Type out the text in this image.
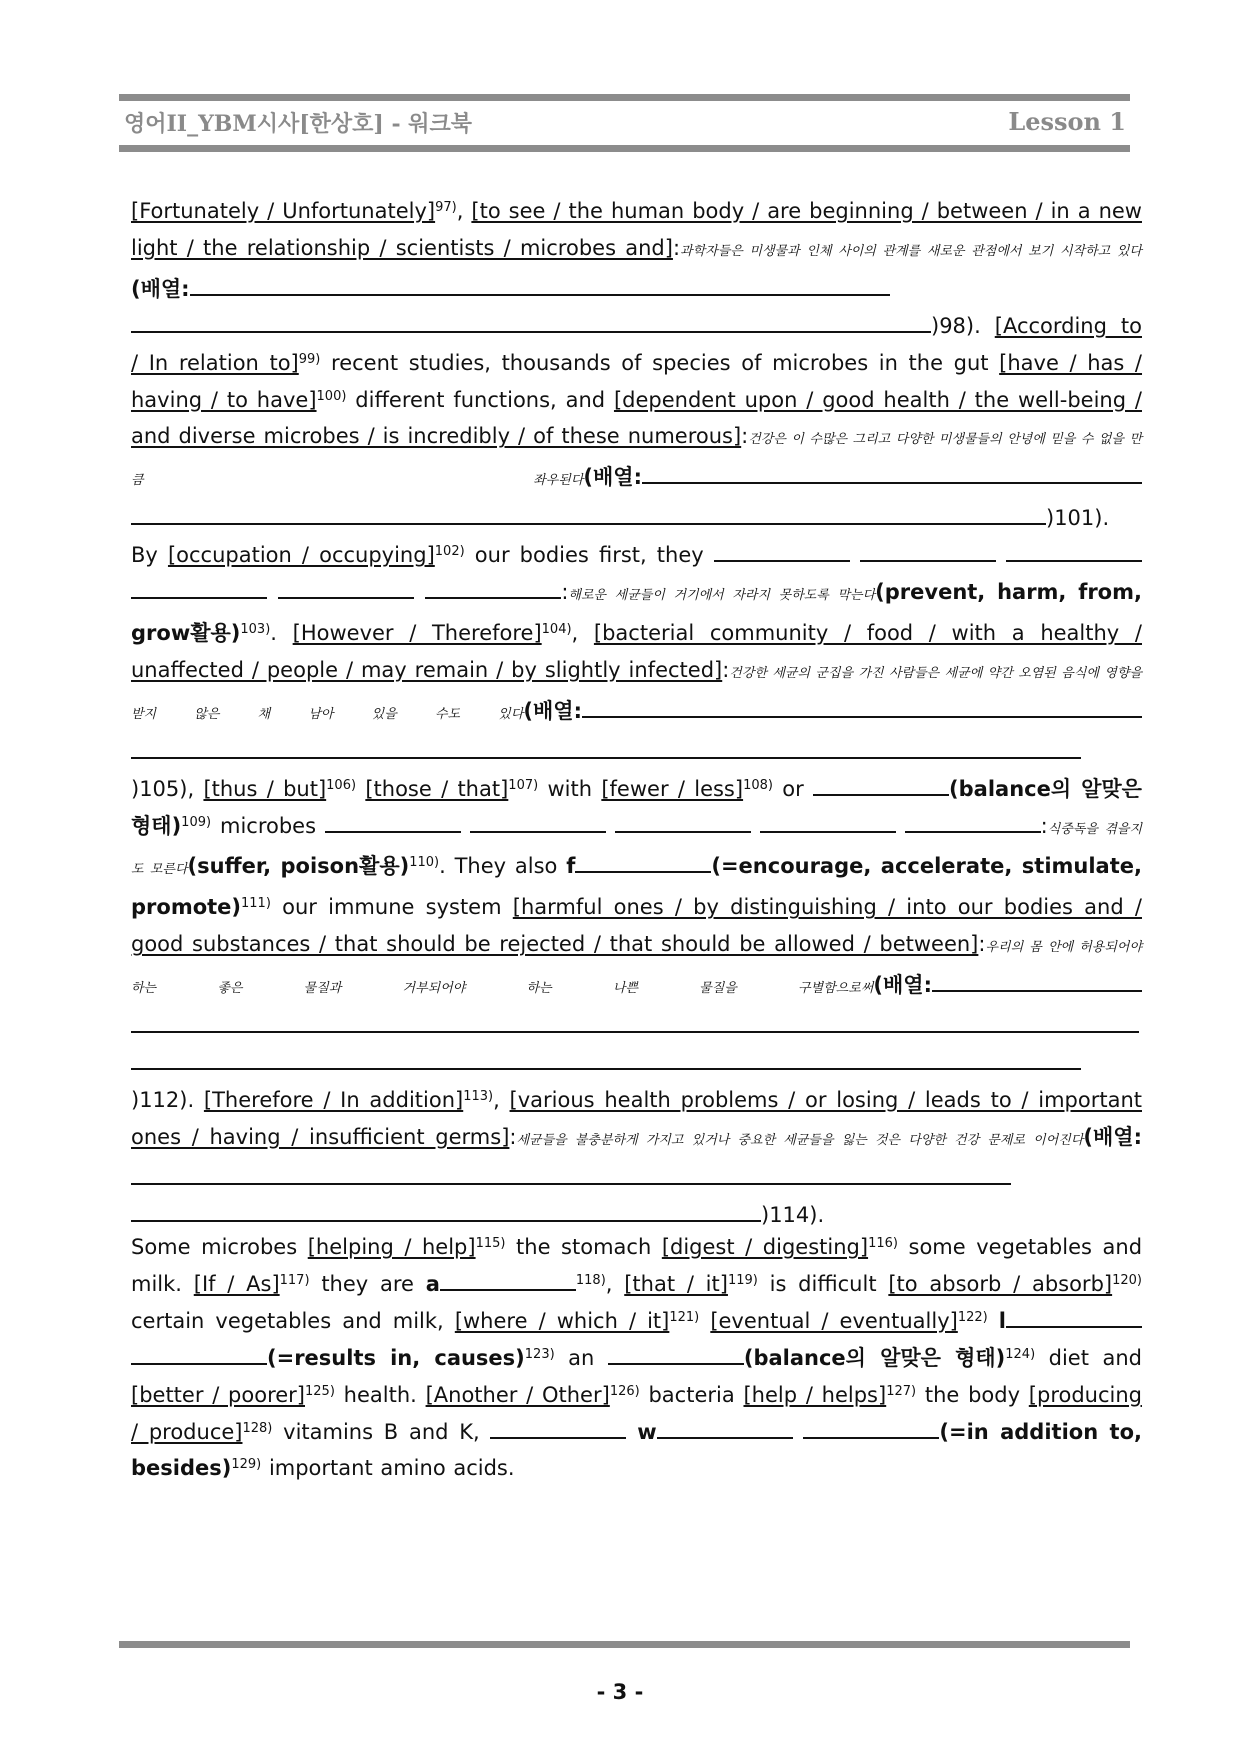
영어II_YBM시사[한상호] - 워크북	Lesson 1
[Fortunately / Unfortunately]$^{97)}$, [to see / the human body / are beginning / between / in a new light / the relationship / scientists / microbes and]:과학자들은 미생물과 인체 사이의 관계를 새로운 관점에서 보기 시작하고 있다(배열: )98). [According to / In relation to]$^{99)}$ recent studies, thousands of species of microbes in the gut [have / has / having / to have]$^{100)}$ different functions, and [dependent upon / good health / the well-being / and diverse microbes / is incredibly / of these numerous]:건강은 이 수많은 그리고 다양한 미생물들의 안녕에 믿을 수 없을 만큼 좌우된다(배열: )101). By [occupation / occupying]$^{102)}$ our bodies first, they      :해로운 세균들이 거기에서 자라지 못하도록 막는다(prevent, harm, from, grow활용)$^{103)}$. [However / Therefore]$^{104)}$, [bacterial community / food / with a healthy / unaffected / people / may remain / by slightly infected]:건강한 세균의 군집을 가진 사람들은 세균에 약간 오염된 음식에 영향을 받지 않은 채 남아 있을 수도 있다(배열: )105), [thus / but]$^{106)}$ [those / that]$^{107)}$ with [fewer / less]$^{108)}$ or	(balance의 알맞은 형태)$^{109)}$ microbes	:식중독을 겪을지도 모른다(suffer, poison활용)$^{110)}$. They also f	(=encourage, accelerate, stimulate, promote)$^{111)}$ our immune system [harmful ones / by distinguishing / into our bodies and / good substances / that should be rejected / that should be allowed / between]:우리의 몸 안에 허용되어야 하는 좋은 물질과 거부되어야 하는 나쁜 물질을 구별함으로써(배열:  )112). [Therefore / In addition]$^{113)}$, [various health problems / or losing / leads to / important ones / having / insufficient germs]:세균들을 불충분하게 가지고 있거나 중요한 세균들을 잃는 것은 다양한 건강 문제로 이어진다(배열: )114).
Some microbes [helping / help]$^{115)}$ the stomach [digest / digesting]$^{116)}$ some vegetables and milk. [If / As]$^{117)}$ they are a	$^{118)}$, [that / it]$^{119)}$ is difficult [to absorb / absorb]$^{120)}$ certain vegetables and milk, [where / which / it]$^{121)}$ [eventual / eventually]$^{122)}$ l (=results in, causes)$^{123)}$ an	(balance의 알맞은 형태)$^{124)}$ diet and [better / poorer]$^{125)}$ health. [Another / Other]$^{126)}$ bacteria [help / helps]$^{127)}$ the body [producing / produce]$^{128)}$ vitamins B and K,	w	(=in addition to, besides)$^{129)}$ important amino acids.
- 3 -
